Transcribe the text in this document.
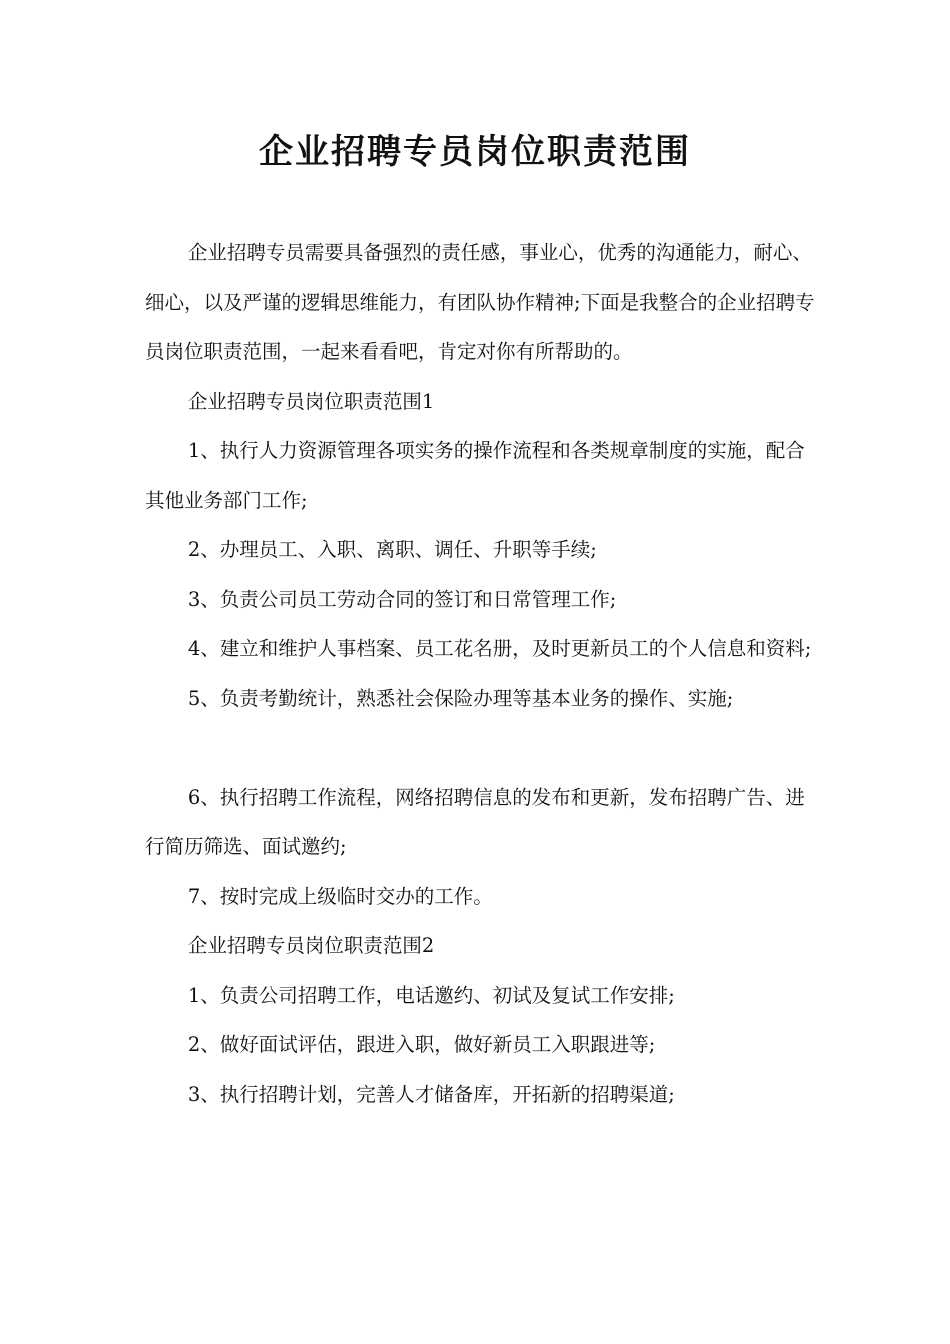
企业招聘专员岗位职责范围

企业招聘专员需要具备强烈的责任感，事业心，优秀的沟通能力，耐心、细心，以及严谨的逻辑思维能力，有团队协作精神;下面是我整合的企业招聘专员岗位职责范围，一起来看看吧，肯定对你有所帮助的。

企业招聘专员岗位职责范围1

1、执行人力资源管理各项实务的操作流程和各类规章制度的实施，配合其他业务部门工作;

2、办理员工、入职、离职、调任、升职等手续;

3、负责公司员工劳动合同的签订和日常管理工作;

4、建立和维护人事档案、员工花名册，及时更新员工的个人信息和资料;

5、负责考勤统计，熟悉社会保险办理等基本业务的操作、实施;

6、执行招聘工作流程，网络招聘信息的发布和更新，发布招聘广告、进行简历筛选、面试邀约;

7、按时完成上级临时交办的工作。

企业招聘专员岗位职责范围2

1、负责公司招聘工作，电话邀约、初试及复试工作安排;

2、做好面试评估，跟进入职，做好新员工入职跟进等;

3、执行招聘计划，完善人才储备库，开拓新的招聘渠道;
